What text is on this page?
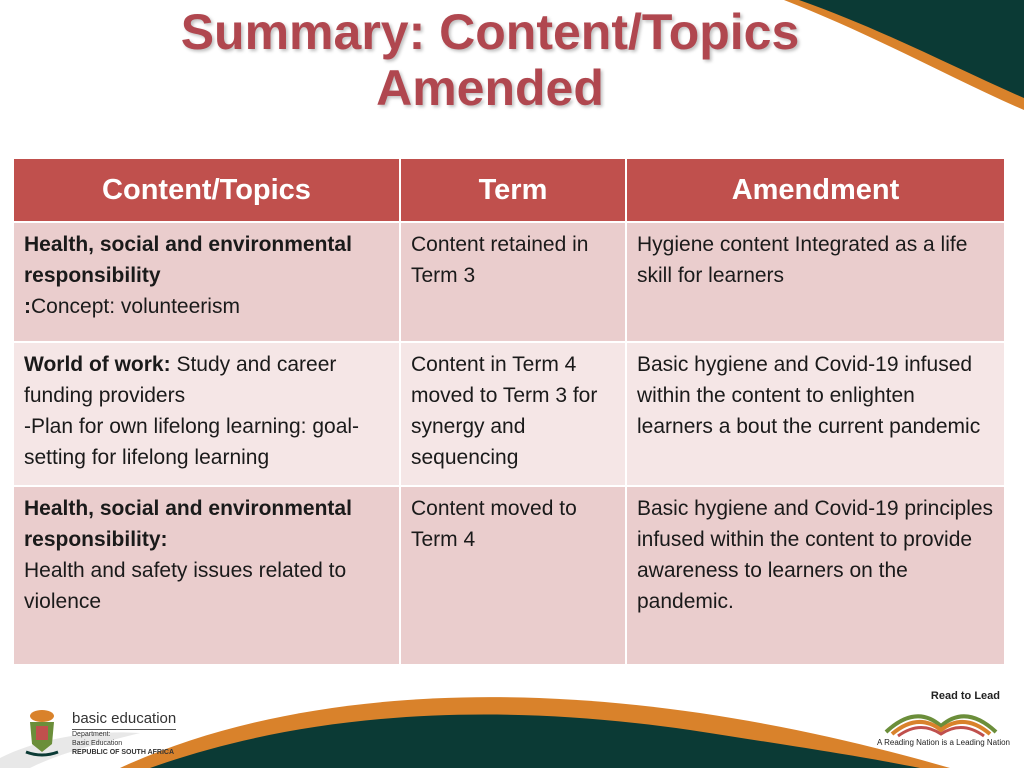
Summary: Content/Topics
Amended
Content/Topics	Term	Amendment

Health, social and environmental responsibility
:Concept: volunteerism	Content retained in Term 3	Hygiene content Integrated as a life skill for learners
World of work: Study and career funding providers
-Plan for own lifelong learning: goal-setting for lifelong learning	Content in Term 4 moved to Term 3 for synergy and sequencing	Basic hygiene and Covid-19 infused within the content to enlighten learners a bout the current pandemic

Health, social and environmental responsibility:
Health and safety issues related to violence	Content moved to Term 4	Basic hygiene and Covid-19 principles infused within the content to provide awareness to learners on the pandemic.
basic education
Department:
Basic Education
REPUBLIC OF SOUTH AFRICA
Read to Lead
A Reading Nation is a Leading Nation
